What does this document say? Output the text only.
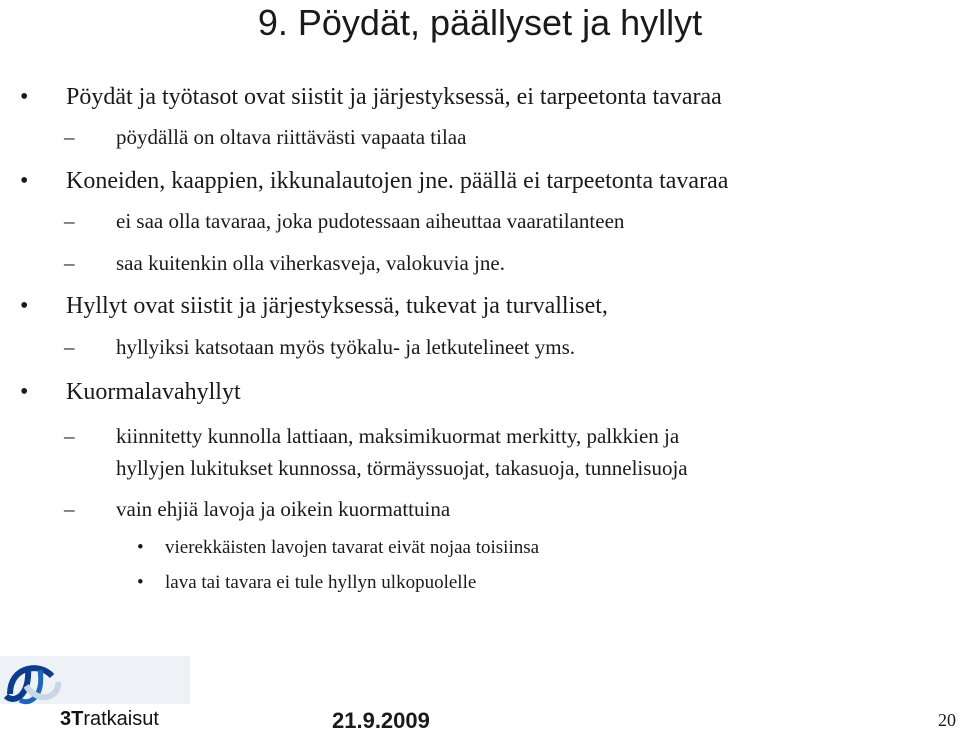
9. Pöydät, päällyset ja hyllyt
• Pöydät ja työtasot ovat siistit ja järjestyksessä, ei tarpeetonta tavaraa
– pöydällä on oltava riittävästi vapaata tilaa
• Koneiden, kaappien, ikkunalautojen jne. päällä ei tarpeetonta tavaraa
– ei saa olla tavaraa, joka pudotessaan aiheuttaa vaaratilanteen
– saa kuitenkin olla viherkasveja, valokuvia jne.
• Hyllyt ovat siistit ja järjestyksessä, tukevat ja turvalliset,
– hyllyiksi katsotaan myös työkalu- ja letkutelineet yms.
• Kuormalavahyllyt
– kiinnitetty kunnolla lattiaan, maksimikuormat merkitty, palkkien ja
hyllyjen lukitukset kunnossa, törmäyssuojat, takasuoja, tunnelisuoja
– vain ehjiä lavoja ja oikein kuormattuina
• vierekkäisten lavojen tavarat eivät nojaa toisiinsa
• lava tai tavara ei tule hyllyn ulkopuolelle
3Tratkaisut	21.9.2009	20
